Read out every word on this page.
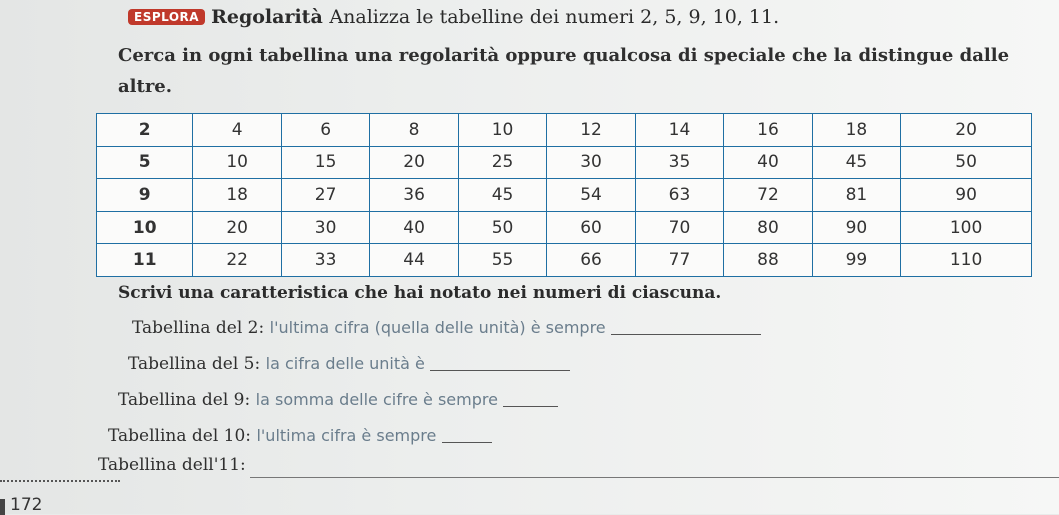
ESPLORA Regolarità Analizza le tabelline dei numeri 2, 5, 9, 10, 11.
Cerca in ogni tabellina una regolarità oppure qualcosa di speciale che la distingue dalle altre.
2	4	6	8	10	12	14	16	18	20
5	10	15	20	25	30	35	40	45	50
9	18	27	36	45	54	63	72	81	90
10	20	30	40	50	60	70	80	90	100
11	22	33	44	55	66	77	88	99	110
Scrivi una caratteristica che hai notato nei numeri di ciascuna.
Tabellina del 2: l'ultima cifra (quella delle unità) è sempre
Tabellina del 5: la cifra delle unità è
Tabellina del 9: la somma delle cifre è sempre
Tabellina del 10: l'ultima cifra è sempre
Tabellina dell'11:
172
